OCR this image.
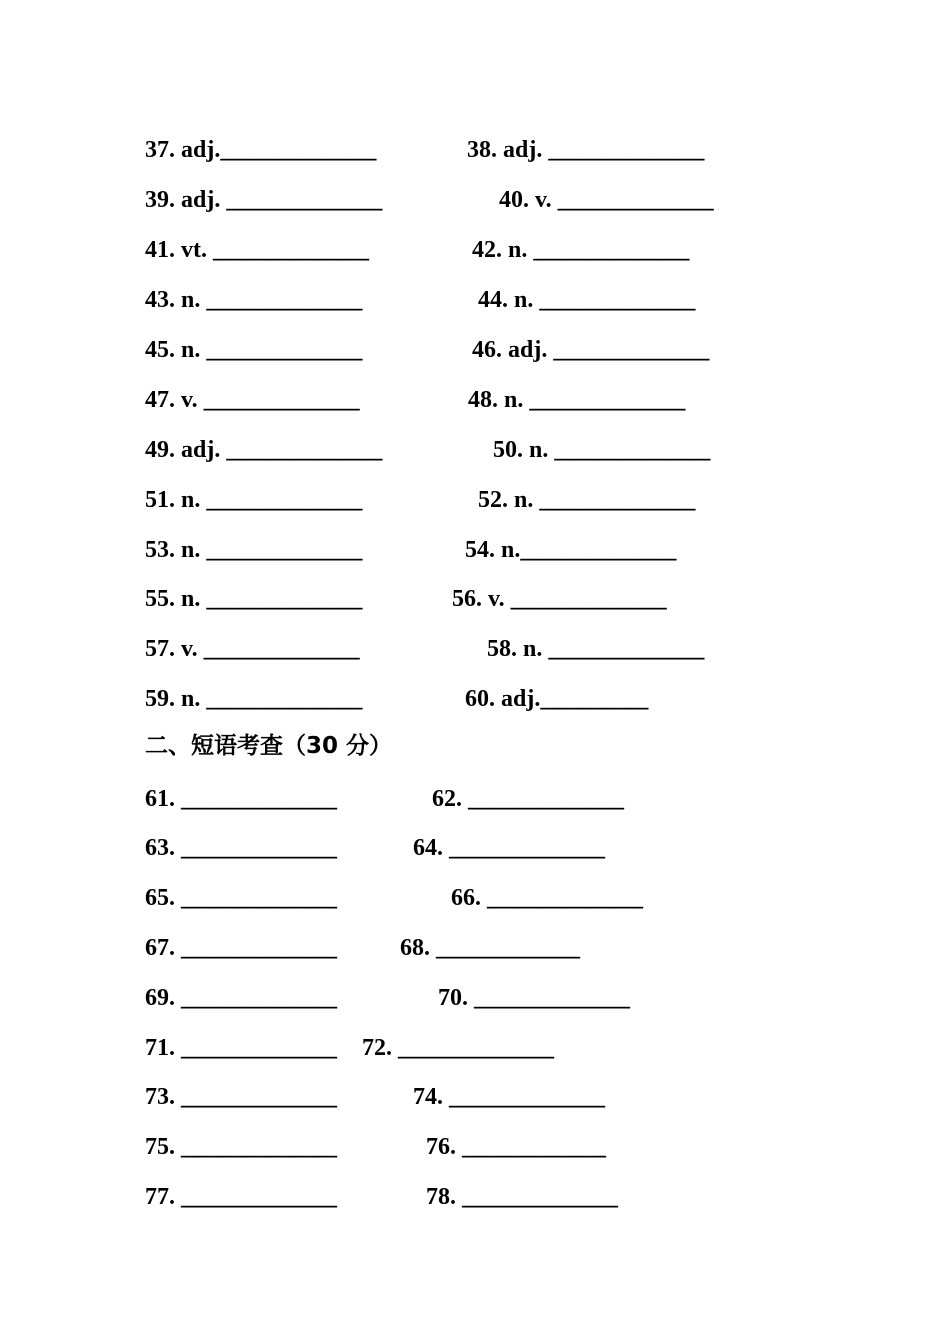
37. adj._____________	38. adj. _____________
39. adj. _____________	40. v. _____________
41. vt. _____________	42. n. _____________
43. n. _____________	44. n. _____________
45. n. _____________	46. adj. _____________
47. v. _____________	48. n. _____________
49. adj. _____________	50. n. _____________
51. n. _____________	52. n. _____________
53. n. _____________	54. n._____________
55. n. _____________	56. v. _____________
57. v. _____________	58. n. _____________
59. n. _____________	60. adj._________
二、短语考查（30 分）
61. _____________	62. _____________
63. _____________	64. _____________
65. _____________	66. _____________
67. _____________	68. ____________
69. _____________	70. _____________
71. _____________ 72. _____________
73. _____________	74. _____________
75. _____________	76. ____________
77. _____________	78. _____________
